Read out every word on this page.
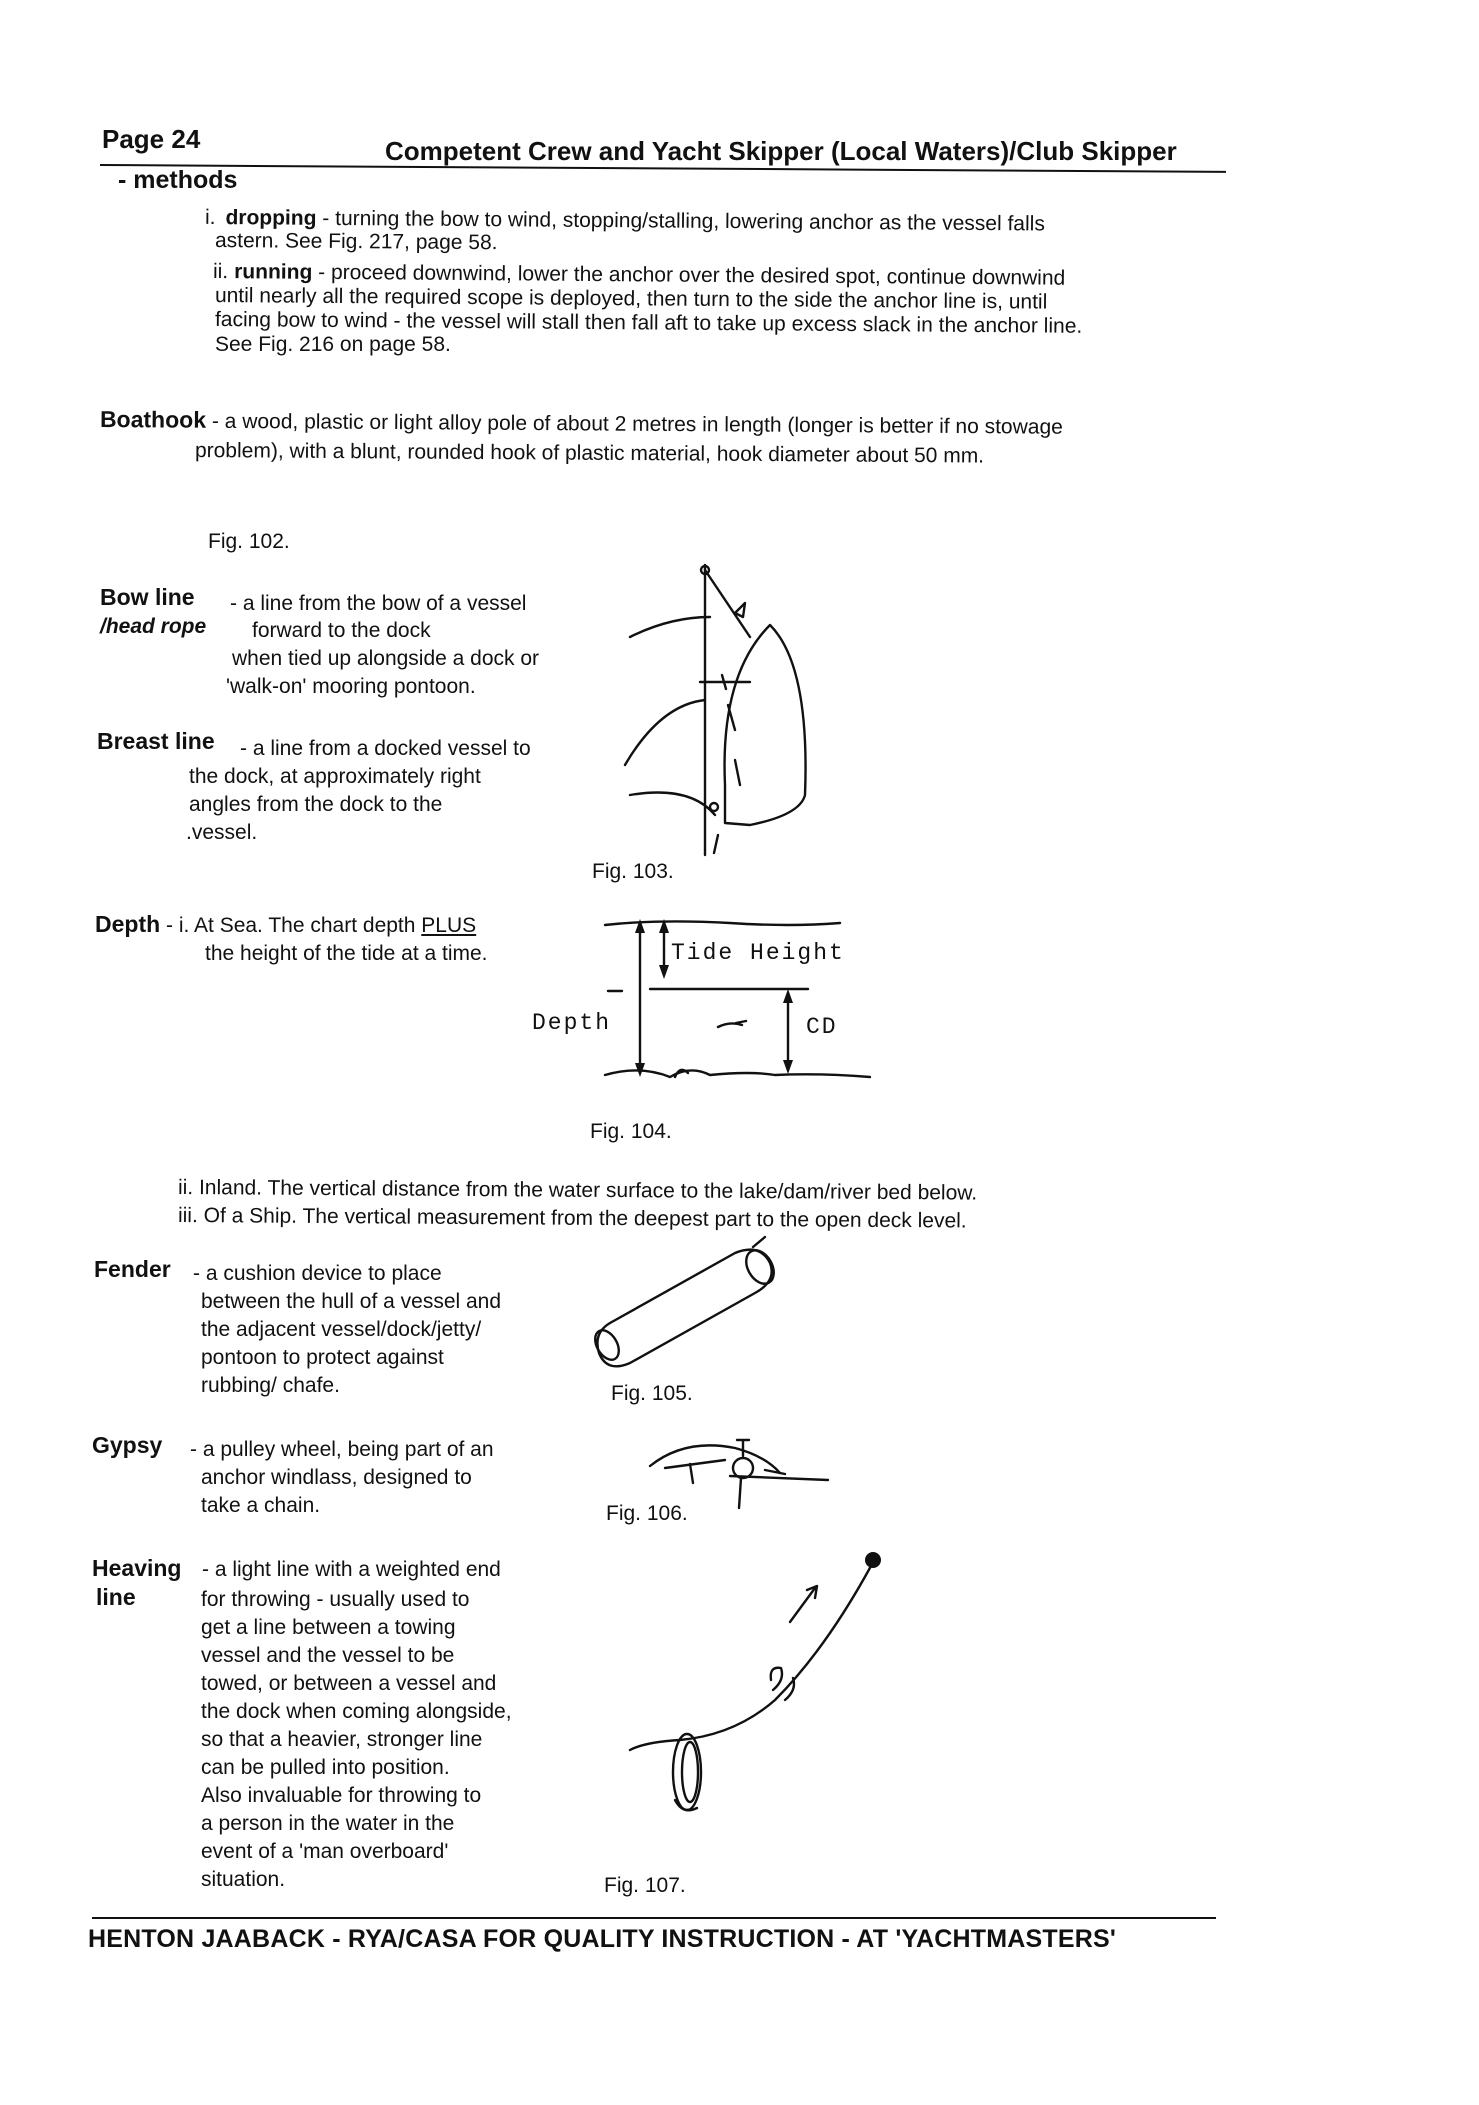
Page 24	Competent Crew and Yacht Skipper (Local Waters)/Club Skipper
- methods
i. dropping - turning the bow to wind, stopping/stalling, lowering anchor as the vessel falls
astern. See Fig. 217, page 58.
ii. running - proceed downwind, lower the anchor over the desired spot, continue downwind
until nearly all the required scope is deployed, then turn to the side the anchor line is, until
facing bow to wind - the vessel will stall then fall aft to take up excess slack in the anchor line.
See Fig. 216 on page 58.
Boathook - a wood, plastic or light alloy pole of about 2 metres in length (longer is better if no stowage
problem), with a blunt, rounded hook of plastic material, hook diameter about 50 mm.
Fig. 102.
Bow line - a line from the bow of a vessel
/head rope forward to the dock
when tied up alongside a dock or
'walk-on' mooring pontoon.
Breast line - a line from a docked vessel to
the dock, at approximately right
angles from the dock to the
.vessel.
Fig. 103.
Depth - i. At Sea. The chart depth PLUS
the height of the tide at a time.	Tide Height
Depth	CD
Fig. 104.
ii. Inland. The vertical distance from the water surface to the lake/dam/river bed below.
iii. Of a Ship. The vertical measurement from the deepest part to the open deck level.
Fender - a cushion device to place
between the hull of a vessel and
the adjacent vessel/dock/jetty/
pontoon to protect against
rubbing/ chafe.	Fig. 105.
Gypsy - a pulley wheel, being part of an
anchor windlass, designed to
take a chain.	Fig. 106.
Heaving - a light line with a weighted end
line	for throwing - usually used to
get a line between a towing
vessel and the vessel to be
towed, or between a vessel and
the dock when coming alongside,
so that a heavier, stronger line
can be pulled into position.
Also invaluable for throwing to
a person in the water in the
event of a 'man overboard'
situation.	Fig. 107.
HENTON JAABACK - RYA/CASA FOR QUALITY INSTRUCTION - AT 'YACHTMASTERS'
